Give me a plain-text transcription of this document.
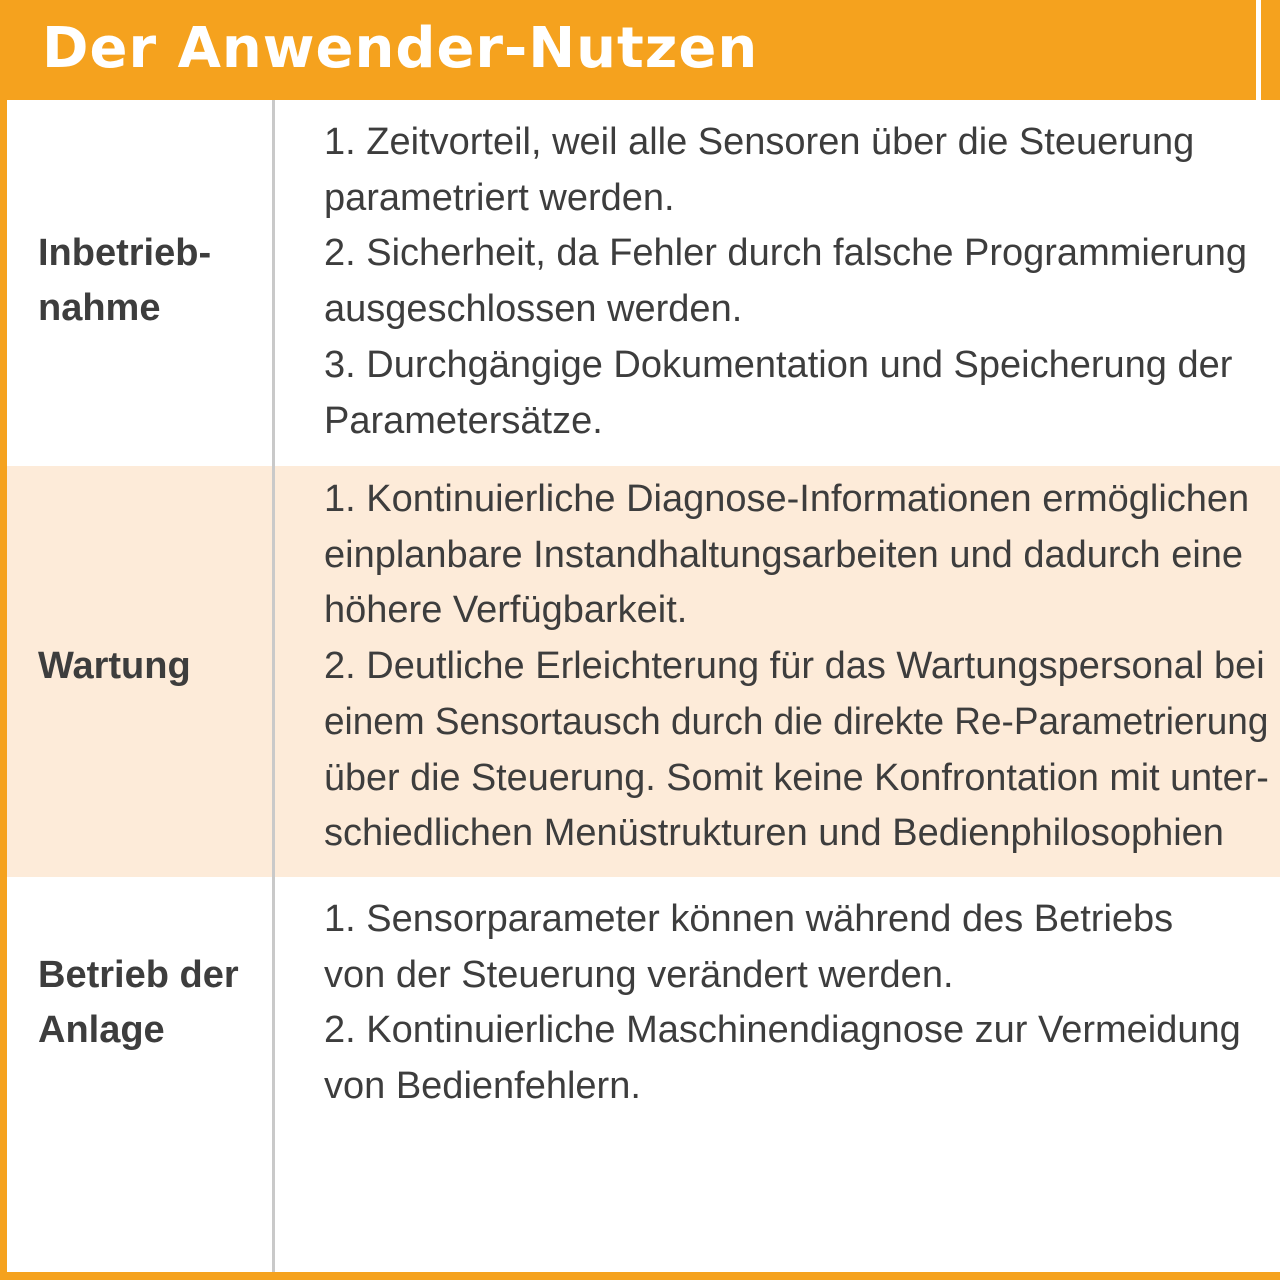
Der Anwender-Nutzen
Inbetrieb-
nahme
1. Zeitvorteil, weil alle Sensoren über die Steuerung
parametriert werden.
2. Sicherheit, da Fehler durch falsche Programmierung
ausgeschlossen werden.
3. Durchgängige Dokumentation und Speicherung der
Parametersätze.
Wartung
1. Kontinuierliche Diagnose-Informationen ermöglichen
einplanbare Instandhaltungsarbeiten und dadurch eine
höhere Verfügbarkeit.
2. Deutliche Erleichterung für das Wartungspersonal bei
einem Sensortausch durch die direkte Re-Parametrierung
über die Steuerung. Somit keine Konfrontation mit unter-
schiedlichen Menüstrukturen und Bedienphilosophien
Betrieb der
Anlage
1. Sensorparameter können während des Betriebs
von der Steuerung verändert werden.
2. Kontinuierliche Maschinendiagnose zur Vermeidung
von Bedienfehlern.
